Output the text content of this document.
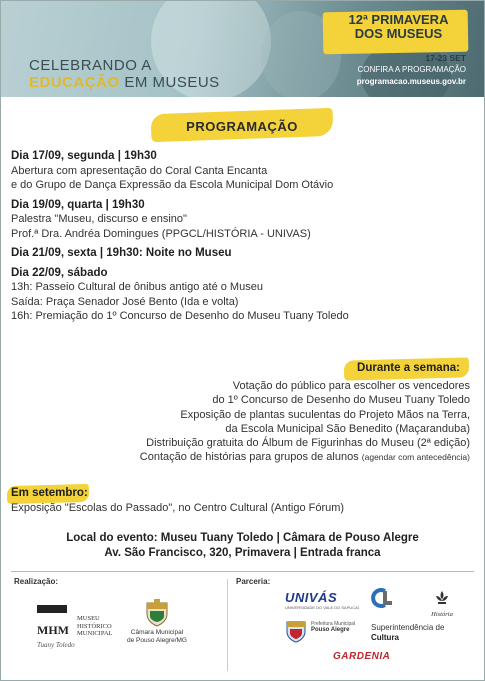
CELEBRANDO A
EDUCAÇÃO EM MUSEUS
12ª PRIMAVERA
DOS MUSEUS
17-23 SET
CONFIRA A PROGRAMAÇÃO
programacao.museus.gov.br
PROGRAMAÇÃO
Dia 17/09, segunda | 19h30
Abertura com apresentação do Coral Canta Encanta
e do Grupo de Dança Expressão da Escola Municipal Dom Otávio
Dia 19/09, quarta | 19h30
Palestra "Museu, discurso e ensino"
Prof.ª Dra. Andréa Domingues (PPGCL/HISTÓRIA - UNIVAS)
Dia 21/09, sexta | 19h30: Noite no Museu
Dia 22/09, sábado
13h: Passeio Cultural de ônibus antigo até o Museu
Saída: Praça Senador José Bento (Ida e volta)
16h: Premiação do 1º Concurso de Desenho do Museu Tuany Toledo
Durante a semana:
Votação do público para escolher os vencedores
do 1º Concurso de Desenho do Museu Tuany Toledo
Exposição de plantas suculentas do Projeto Mãos na Terra,
da Escola Municipal São Benedito (Maçaranduba)
Distribuição gratuita do Álbum de Figurinhas do Museu (2ª edição)
Contação de histórias para grupos de alunos (agendar com antecedência)
Em setembro:
Exposição "Escolas do Passado", no Centro Cultural (Antigo Fórum)
Local do evento: Museu Tuany Toledo | Câmara de Pouso Alegre
Av. São Francisco, 320, Primavera | Entrada franca
Realização:	Parceria:
MHM
MUSEU
HISTÓRICO
MUNICIPAL
Tuany Toledo
Câmara Municipal
de Pouso Alegre/MG
UNIVÁS
UNIVERSIDADE DO VALE DO SAPUCAÍ
História
Prefeitura Municipal
Pouso Alegre	Superintendência de
Cultura
GARDENIA
